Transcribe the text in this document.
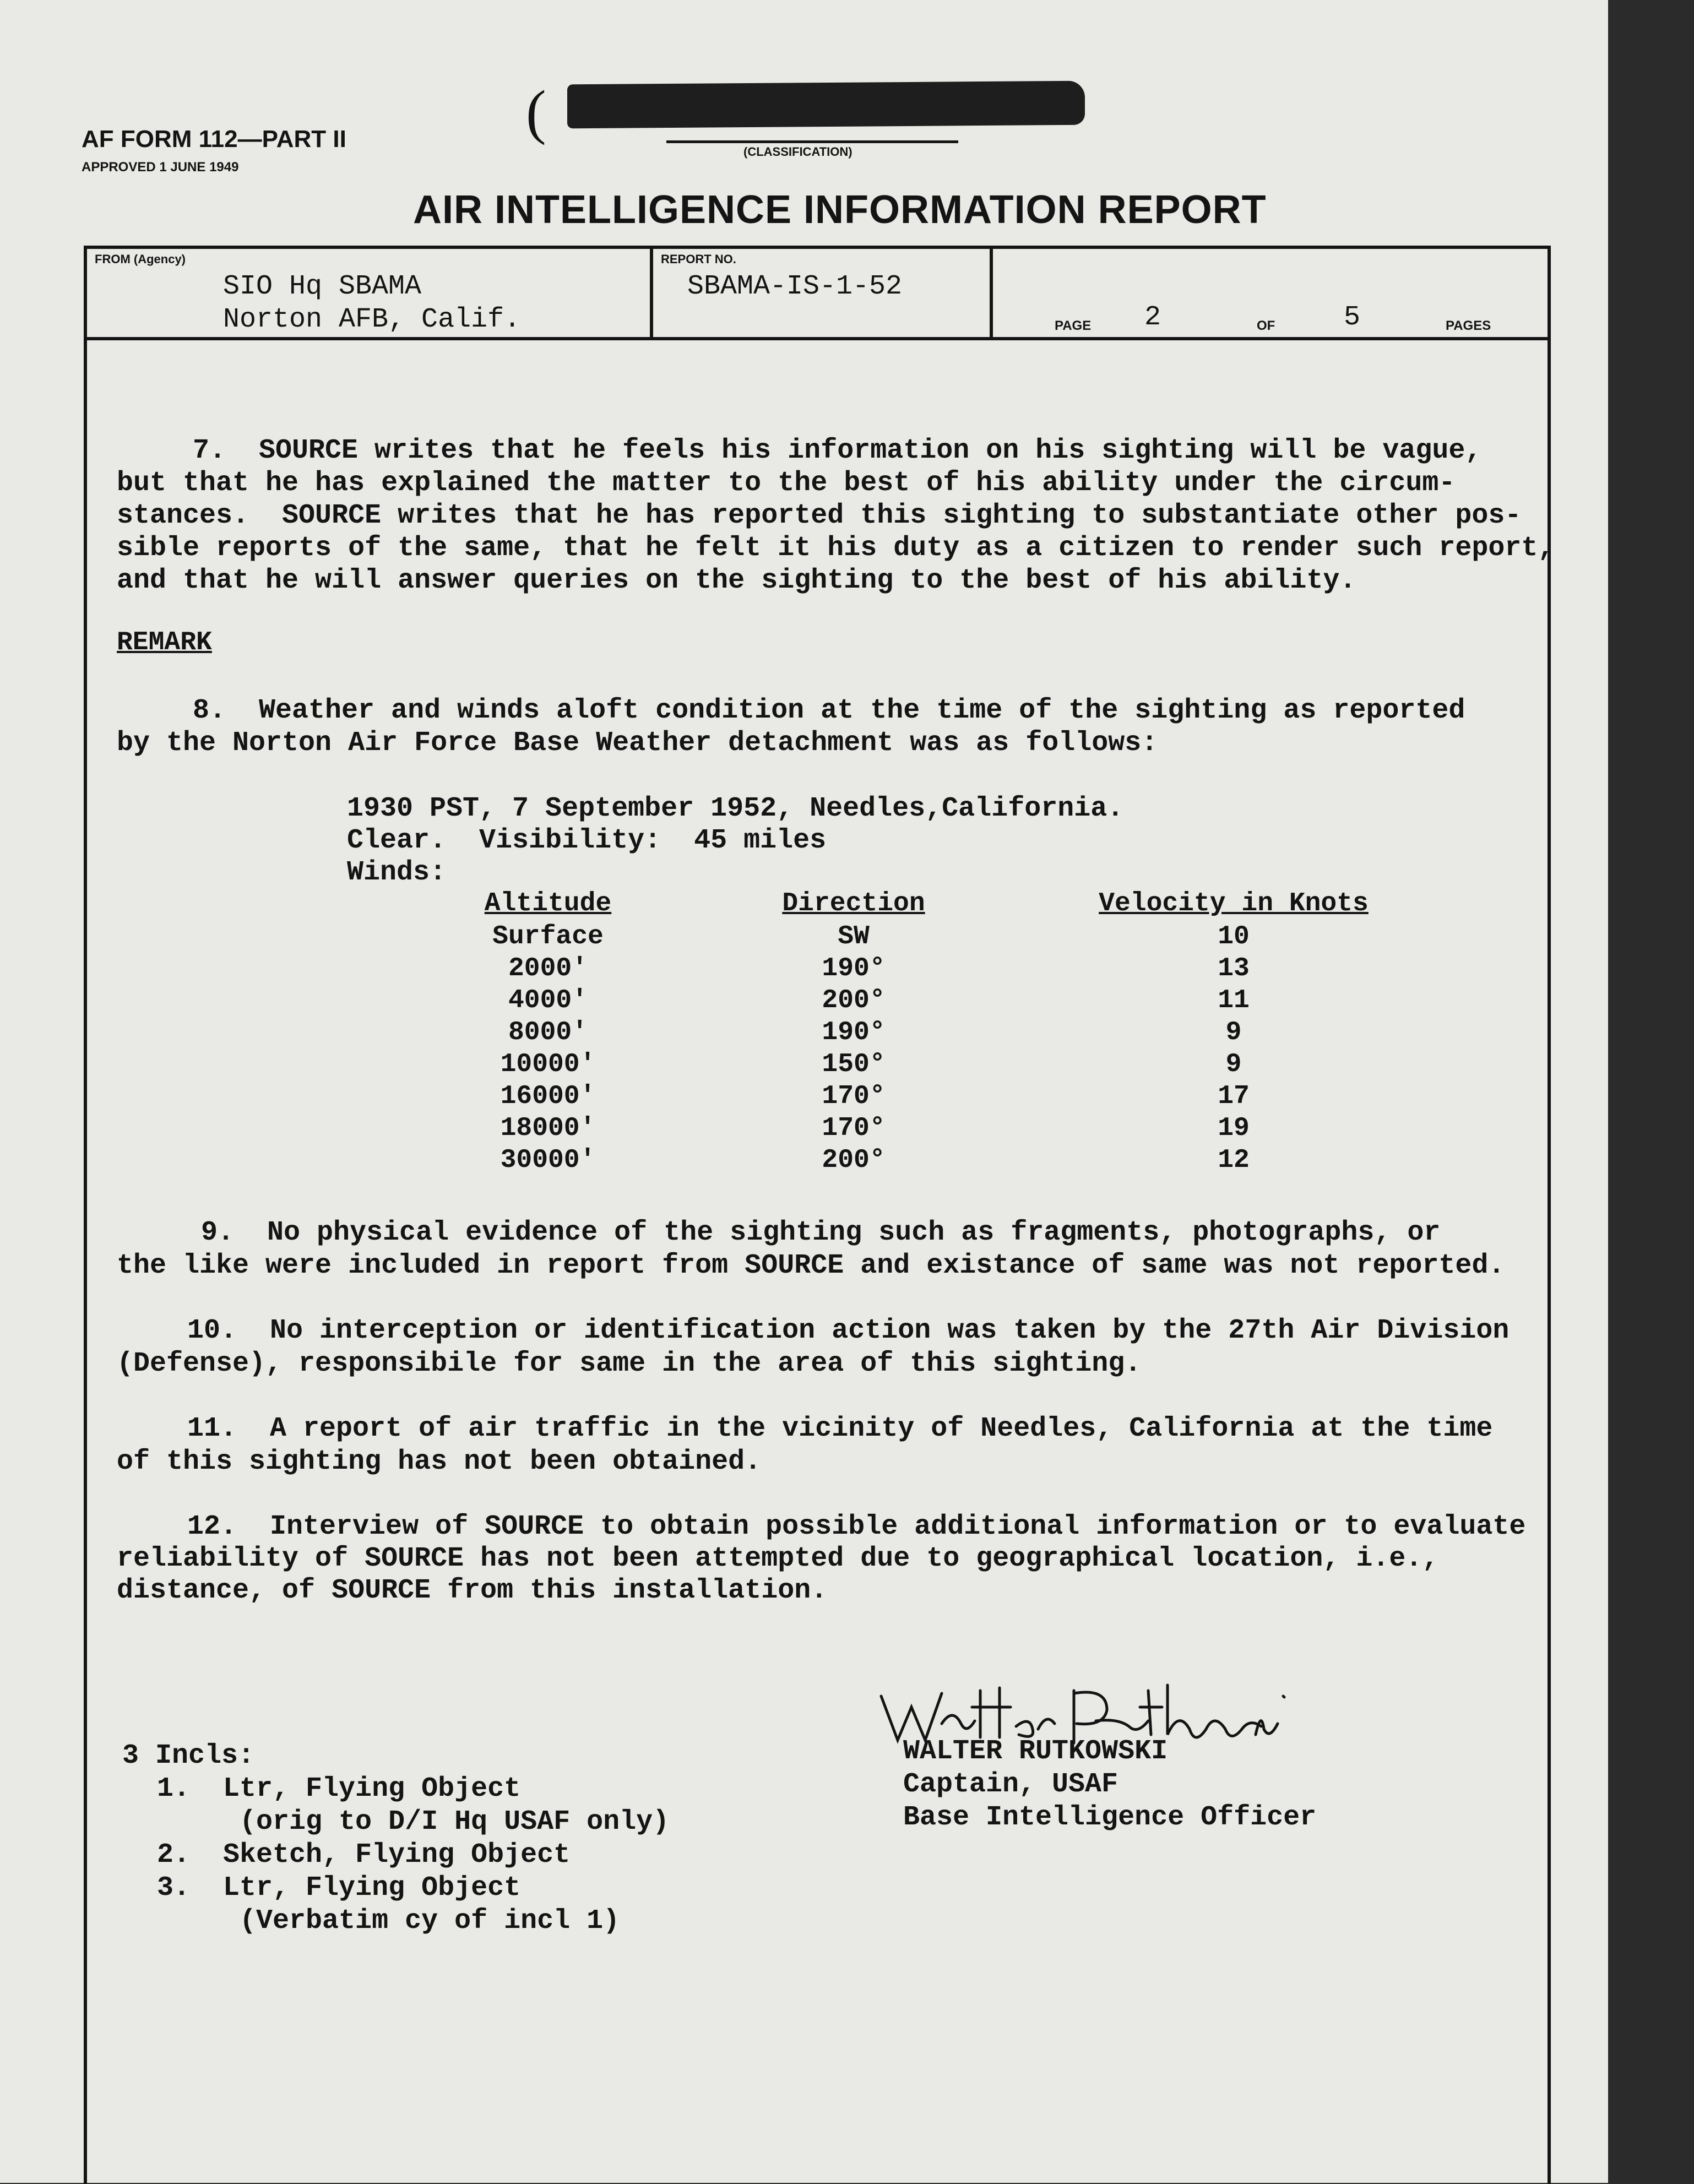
AF FORM 112—PART II
APPROVED 1 JUNE 1949
(
(CLASSIFICATION)
AIR INTELLIGENCE INFORMATION REPORT
FROM (Agency)
SIO Hq SBAMA
Norton AFB, Calif.
REPORT NO.
SBAMA-IS-1-52
PAGE 2	OF 5	PAGES
7.  SOURCE writes that he feels his information on his sighting will be vague,
but that he has explained the matter to the best of his ability under the circum-
stances.  SOURCE writes that he has reported this sighting to substantiate other pos-
sible reports of the same, that he felt it his duty as a citizen to render such report,
and that he will answer queries on the sighting to the best of his ability.
REMARK
8.  Weather and winds aloft condition at the time of the sighting as reported
by the Norton Air Force Base Weather detachment was as follows:
1930 PST, 7 September 1952, Needles,California.
Clear.  Visibility:  45 miles
Winds:
Altitude	Direction	Velocity in Knots
Surface	SW	10
2000'	190°	13
4000'	200°	11
8000'	190°	9
10000'	150°	9
16000'	170°	17
18000'	170°	19
30000'	200°	12
9.  No physical evidence of the sighting such as fragments, photographs, or
the like were included in report from SOURCE and existance of same was not reported.
10.  No interception or identification action was taken by the 27th Air Division
(Defense), responsibile for same in the area of this sighting.
11.  A report of air traffic in the vicinity of Needles, California at the time
of this sighting has not been obtained.
12.  Interview of SOURCE to obtain possible additional information or to evaluate
reliability of SOURCE has not been attempted due to geographical location, i.e.,
distance, of SOURCE from this installation.
WALTER RUTKOWSKI
Captain, USAF
Base Intelligence Officer
3 Incls:
1.  Ltr, Flying Object
(orig to D/I Hq USAF only)
2.  Sketch, Flying Object
3.  Ltr, Flying Object
(Verbatim cy of incl 1)
